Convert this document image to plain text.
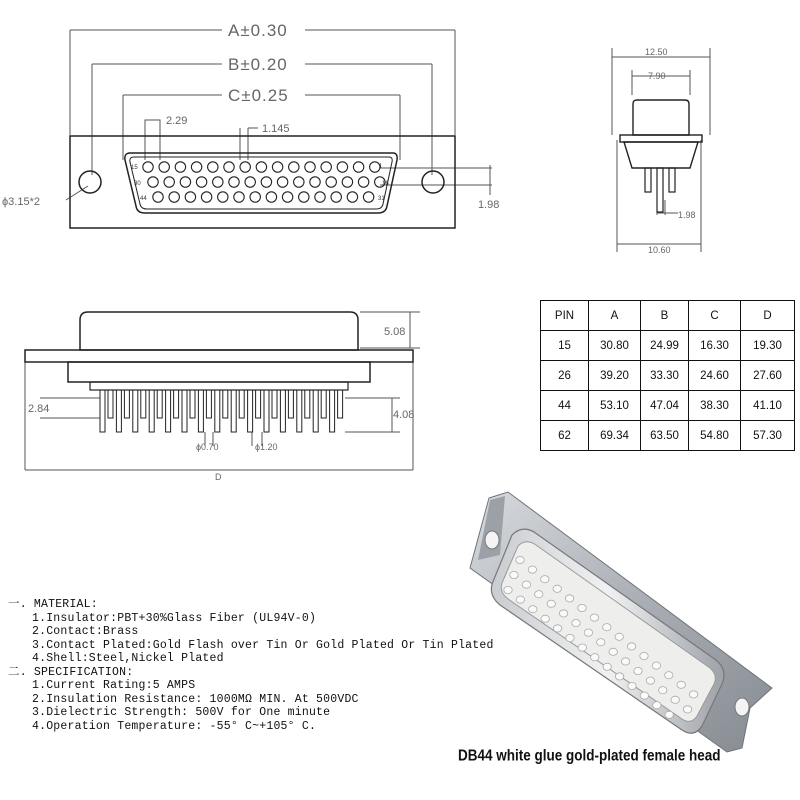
A±0.30
B±0.20
C±0.25
2.29
1.145
ϕ3.15*2	1.98
1
15
16
30
31
44
12.50
7.90
1.98
10.60
5.08
2.84	4.08
ϕ0.70	ϕ1.20
D
PIN	A	B	C	D
15	30.80	24.99	16.30	19.30
26	39.20	33.30	24.60	27.60
44	53.10	47.04	38.30	41.10
62	69.34	63.50	54.80	57.30
一. MATERIAL:
1.Insulator:PBT+30%Glass Fiber (UL94V-0)
2.Contact:Brass
3.Contact Plated:Gold Flash over Tin Or Gold Plated Or Tin Plated
4.Shell:Steel,Nickel Plated
二. SPECIFICATION:
1.Current Rating:5 AMPS
2.Insulation Resistance: 1000MΩ MIN. At 500VDC
3.Dielectric Strength: 500V for One minute
4.Operation Temperature: -55° C~+105° C.
DB44 white glue gold-plated female head
